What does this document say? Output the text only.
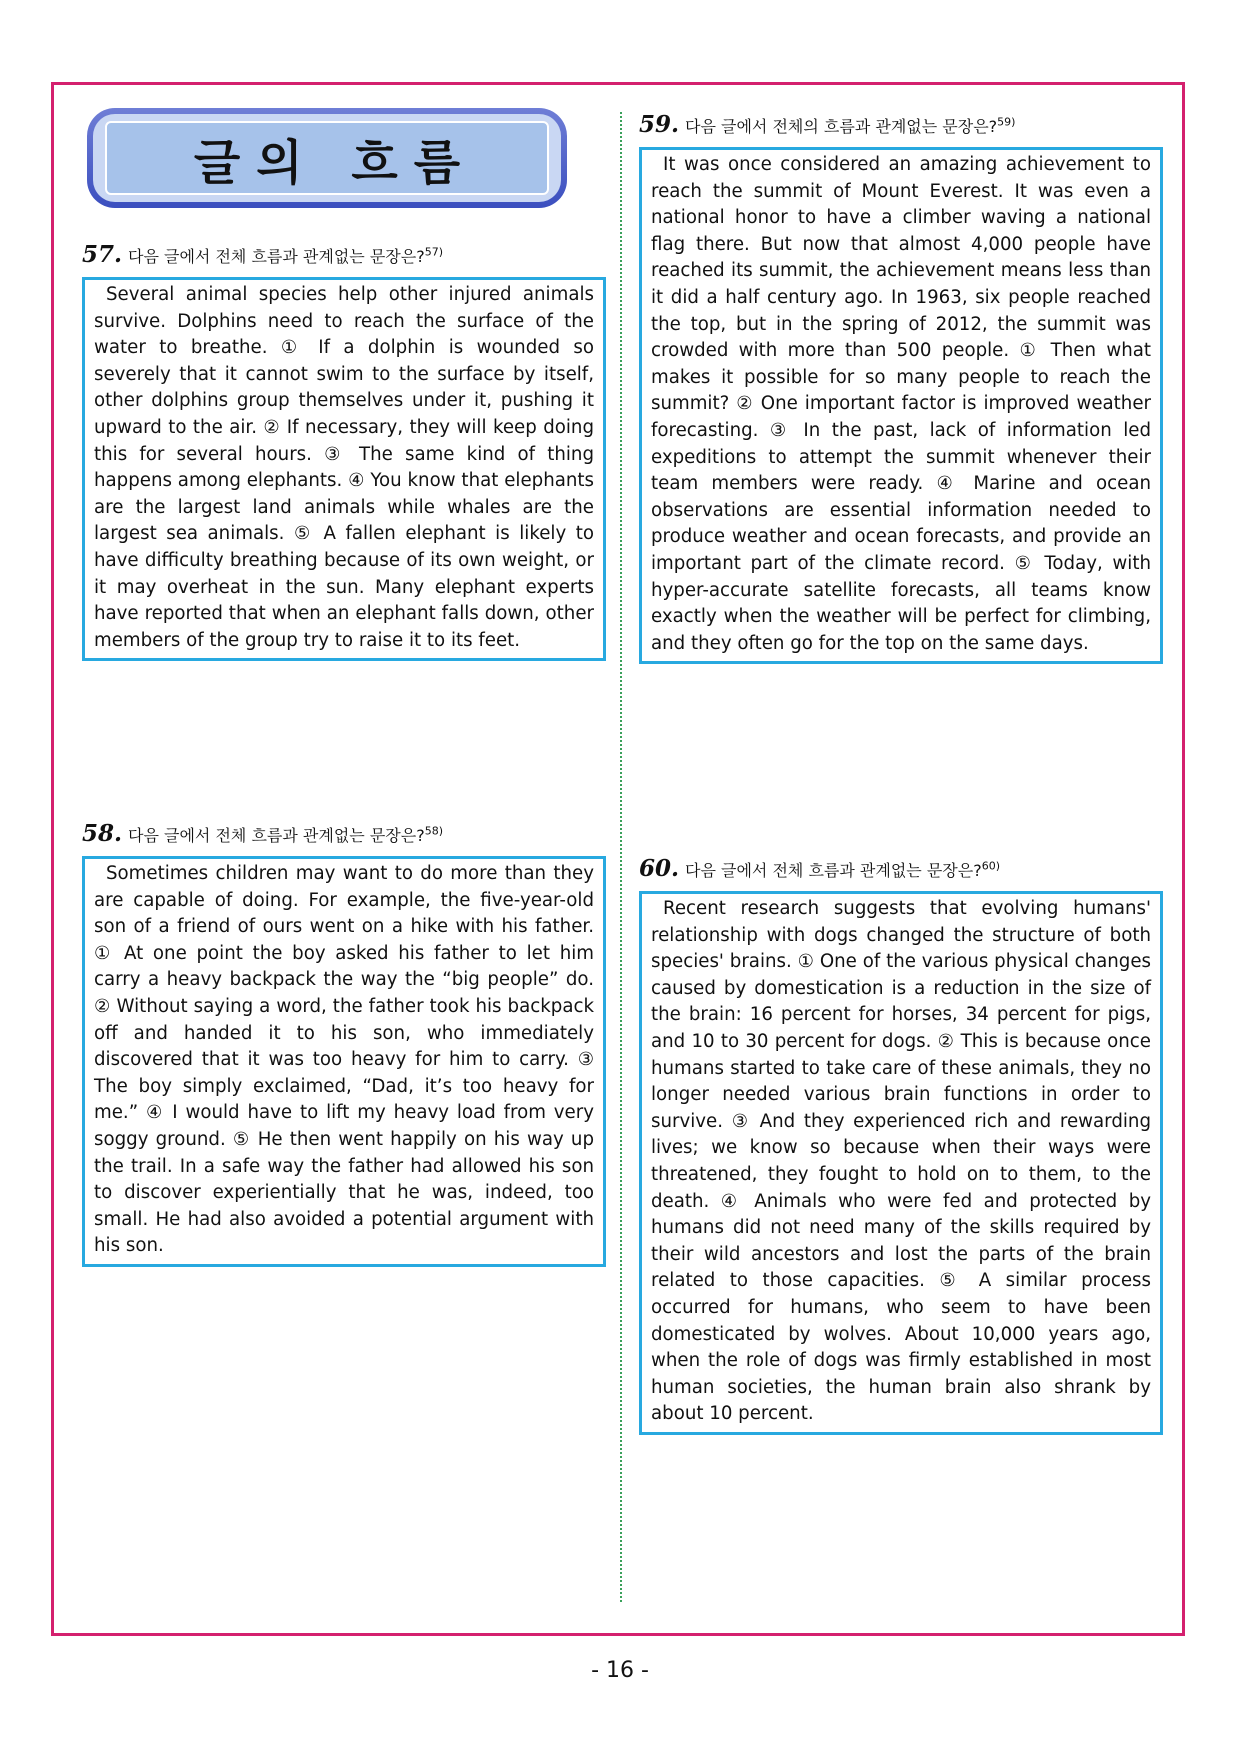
글의 흐름
57. 다음 글에서 전체 흐름과 관계없는 문장은?$^{57)}$
Several animal species help other injured animals survive. Dolphins need to reach the surface of the water to breathe. ① If a dolphin is wounded so severely that it cannot swim to the surface by itself, other dolphins group themselves under it, pushing it upward to the air. ② If necessary, they will keep doing this for several hours. ③ The same kind of thing happens among elephants. ④ You know that elephants are the largest land animals while whales are the largest sea animals. ⑤ A fallen elephant is likely to have difficulty breathing because of its own weight, or it may overheat in the sun. Many elephant experts have reported that when an elephant falls down, other members of the group try to raise it to its feet.
58. 다음 글에서 전체 흐름과 관계없는 문장은?$^{58)}$
Sometimes children may want to do more than they are capable of doing. For example, the five-year-old son of a friend of ours went on a hike with his father. ① At one point the boy asked his father to let him carry a heavy backpack the way the “big people” do. ② Without saying a word, the father took his backpack off and handed it to his son, who immediately discovered that it was too heavy for him to carry. ③ The boy simply exclaimed, “Dad, it’s too heavy for me.” ④ I would have to lift my heavy load from very soggy ground. ⑤ He then went happily on his way up the trail. In a safe way the father had allowed his son to discover experientially that he was, indeed, too small. He had also avoided a potential argument with his son.
59. 다음 글에서 전체의 흐름과 관계없는 문장은?$^{59)}$
It was once considered an amazing achievement to reach the summit of Mount Everest. It was even a national honor to have a climber waving a national flag there. But now that almost 4,000 people have reached its summit, the achievement means less than it did a half century ago. In 1963, six people reached the top, but in the spring of 2012, the summit was crowded with more than 500 people. ① Then what makes it possible for so many people to reach the summit? ② One important factor is improved weather forecasting. ③ In the past, lack of information led expeditions to attempt the summit whenever their team members were ready. ④ Marine and ocean observations are essential information needed to produce weather and ocean forecasts, and provide an important part of the climate record. ⑤ Today, with hyper-accurate satellite forecasts, all teams know exactly when the weather will be perfect for climbing, and they often go for the top on the same days.
60. 다음 글에서 전체 흐름과 관계없는 문장은?$^{60)}$
Recent research suggests that evolving humans' relationship with dogs changed the structure of both species' brains. ① One of the various physical changes caused by domestication is a reduction in the size of the brain: 16 percent for horses, 34 percent for pigs, and 10 to 30 percent for dogs. ② This is because once humans started to take care of these animals, they no longer needed various brain functions in order to survive. ③ And they experienced rich and rewarding lives; we know so because when their ways were threatened, they fought to hold on to them, to the death. ④ Animals who were fed and protected by humans did not need many of the skills required by their wild ancestors and lost the parts of the brain related to those capacities. ⑤ A similar process occurred for humans, who seem to have been domesticated by wolves. About 10,000 years ago, when the role of dogs was firmly established in most human societies, the human brain also shrank by about 10 percent.
- 16 -
